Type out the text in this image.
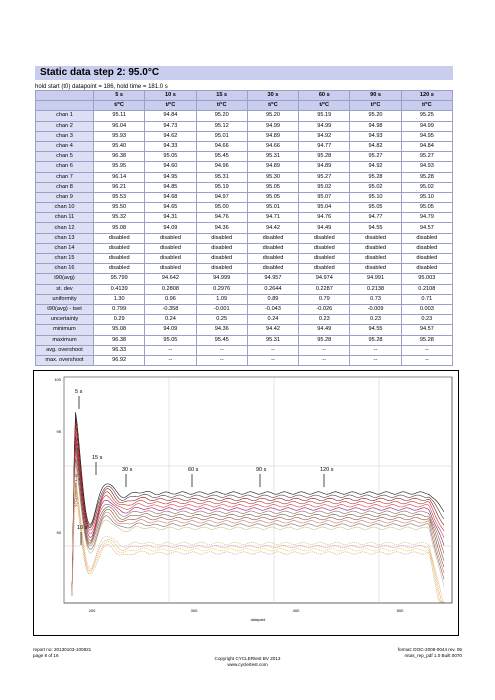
Static data step 2: 95.0°C
hold start (t0) datapoint = 186, hold time = 181.0 s
	5 s	10 s	15 s	30 s	60 s	90 s	120 s
	t/°C	t/°C	t/°C	t/°C	t/°C	t/°C	t/°C
chan 1	95.11	94.84	95.20	95.20	95.19	95.20	95.25
chan 2	96.04	94.73	95.12	94.99	94.99	94.98	94.99
chan 3	95.93	94.62	95.01	94.89	94.92	94.93	94.95
chan 4	95.40	94.33	94.66	94.66	94.77	94.82	94.84
chan 5	96.38	95.05	95.45	95.31	95.28	95.27	95.27
chan 6	95.95	94.60	94.96	94.89	94.89	94.92	94.93
chan 7	96.14	94.95	95.31	95.30	95.27	95.28	95.28
chan 8	96.21	94.85	95.19	95.05	95.02	95.02	95.02
chan 9	95.53	94.68	94.97	95.05	95.07	95.10	95.10
chan 10	95.50	94.65	95.00	95.01	95.04	95.05	95.05
chan 11	95.32	94.31	94.76	94.71	94.76	94.77	94.79
chan 12	95.08	94.09	94.36	94.42	94.49	94.55	94.57
chan 13	disabled	disabled	disabled	disabled	disabled	disabled	disabled
chan 14	disabled	disabled	disabled	disabled	disabled	disabled	disabled
chan 15	disabled	disabled	disabled	disabled	disabled	disabled	disabled
chan 16	disabled	disabled	disabled	disabled	disabled	disabled	disabled
t90(avg)	95.799	94.642	94.999	94.957	94.974	94.991	95.003
st. dev	0.4139	0.2808	0.2976	0.2644	0.2287	0.2138	0.2108
uniformity	1.30	0.96	1.09	0.89	0.79	0.73	0.71
t90(avg) - tset	0.799	-0.358	-0.001	-0.043	-0.026	-0.009	0.003
uncertainty	0.29	0.24	0.25	0.24	0.23	0.23	0.23
minimum	95.08	94.09	94.36	94.42	94.49	94.55	94.57
maximum	96.38	95.05	95.45	95.31	95.28	95.28	95.28
avg. overshoot	96.33	--	--	--	--	--	--
max. overshoot	96.92	--	--	--	--	--	--
200	300	400	500
100
95
90
datapoint
t (°C) channels 1–16
10 s
15 s
30 s	60 s	90 s	120 s
5 s
report no: 20130103-100821
page 8 of 16
Copyright CYCLERtest BV 2013
www.cyclertest.com
format: DOC-2008-0044 rev. 06
mtas_rep_pdf 1.0 Built 0070
